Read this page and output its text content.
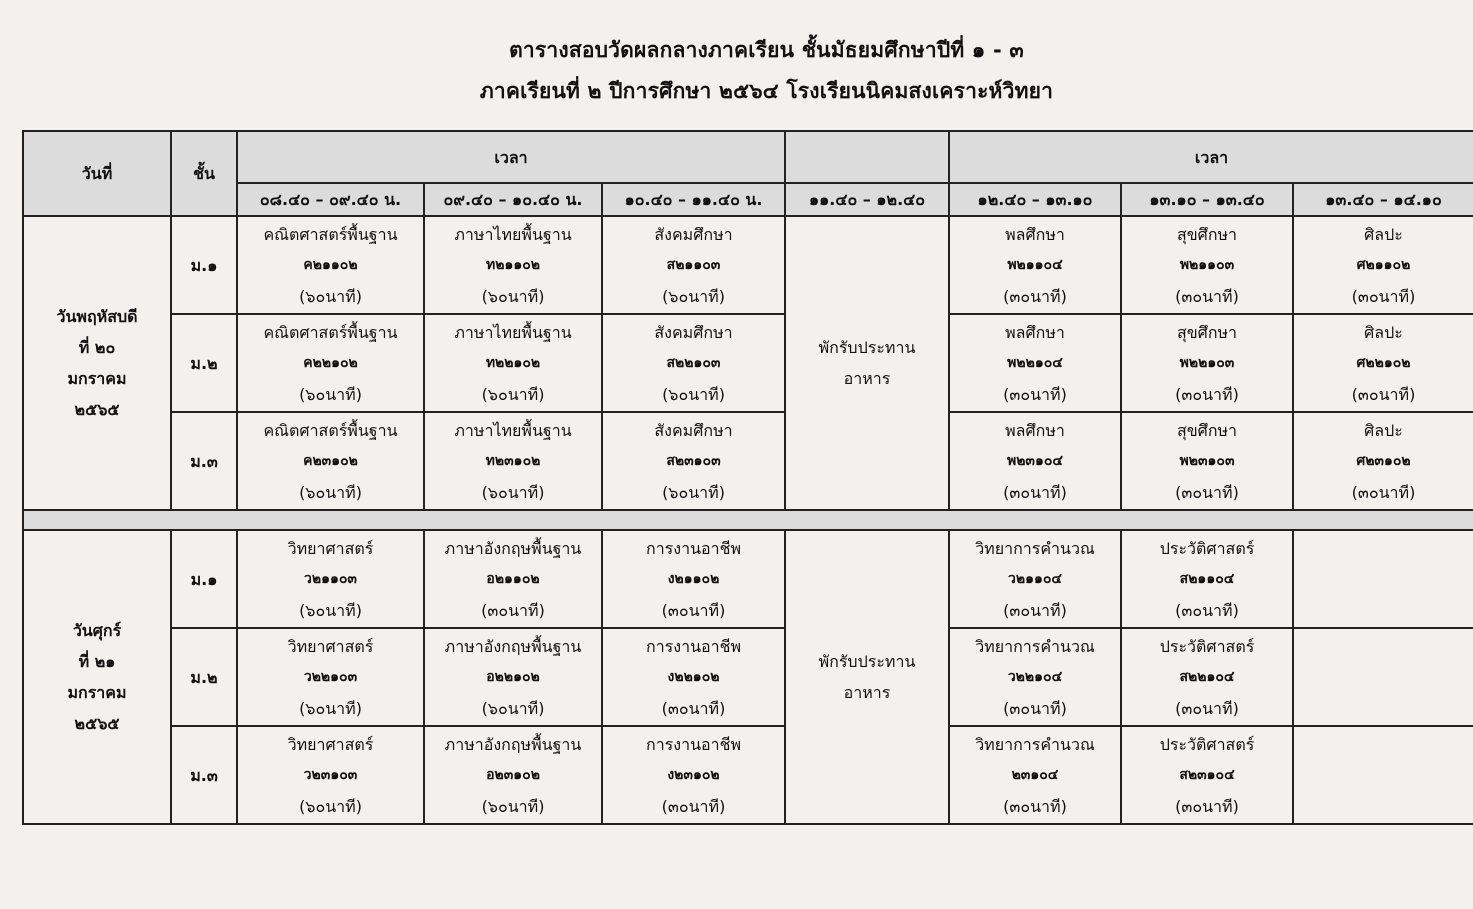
ตารางสอบวัดผลกลางภาคเรียน ชั้นมัธยมศึกษาปีที่ ๑ - ๓
ภาคเรียนที่ ๒ ปีการศึกษา ๒๕๖๔ โรงเรียนนิคมสงเคราะห์วิทยา
วันที่	ชั้น	เวลา				เวลา		
		๐๘.๔๐ – ๐๙.๔๐ น.	๐๙.๔๐ – ๑๐.๔๐ น.	๑๐.๔๐ – ๑๑.๔๐ น.	๑๑.๔๐ – ๑๒.๔๐	๑๒.๔๐ – ๑๓.๑๐	๑๓.๑๐ – ๑๓.๔๐	๑๓.๔๐ – ๑๔.๑๐

วันพฤหัสบดี
ที่ ๒๐
มกราคม
๒๕๖๕	ม.๑	คณิตศาสตร์พื้นฐาน
ค๒๑๑๐๒
(๖๐นาที)	ภาษาไทยพื้นฐาน
ท๒๑๑๐๒
(๖๐นาที)	สังคมศึกษา
ส๒๑๑๐๓
(๖๐นาที)	พักรับประทาน
อาหาร	พลศึกษา
พ๒๑๑๐๔
(๓๐นาที)	สุขศึกษา
พ๒๑๑๐๓
(๓๐นาที)	ศิลปะ
ศ๒๑๑๐๒
(๓๐นาที)

	ม.๒	คณิตศาสตร์พื้นฐาน
ค๒๒๑๐๒
(๖๐นาที)	ภาษาไทยพื้นฐาน
ท๒๒๑๐๒
(๖๐นาที)	สังคมศึกษา
ส๒๒๑๐๓
(๖๐นาที)		พลศึกษา
พ๒๒๑๐๔
(๓๐นาที)	สุขศึกษา
พ๒๒๑๐๓
(๓๐นาที)	ศิลปะ
ศ๒๒๑๐๒
(๓๐นาที)

	ม.๓	คณิตศาสตร์พื้นฐาน
ค๒๓๑๐๒
(๖๐นาที)	ภาษาไทยพื้นฐาน
ท๒๓๑๐๒
(๖๐นาที)	สังคมศึกษา
ส๒๓๑๐๓
(๖๐นาที)		พลศึกษา
พ๒๓๑๐๔
(๓๐นาที)	สุขศึกษา
พ๒๓๑๐๓
(๓๐นาที)	ศิลปะ
ศ๒๓๑๐๒
(๓๐นาที)

วันศุกร์
ที่ ๒๑
มกราคม
๒๕๖๕	ม.๑	วิทยาศาสตร์
ว๒๑๑๐๓
(๖๐นาที)	ภาษาอังกฤษพื้นฐาน
อ๒๑๑๐๒
(๓๐นาที)	การงานอาชีพ
ง๒๑๑๐๒
(๓๐นาที)	พักรับประทาน
อาหาร	วิทยาการคำนวณ
ว๒๑๑๐๔
(๓๐นาที)	ประวัติศาสตร์
ส๒๑๑๐๔
(๓๐นาที)	

	ม.๒	วิทยาศาสตร์
ว๒๒๑๐๓
(๖๐นาที)	ภาษาอังกฤษพื้นฐาน
อ๒๒๑๐๒
(๖๐นาที)	การงานอาชีพ
ง๒๒๑๐๒
(๓๐นาที)		วิทยาการคำนวณ
ว๒๒๑๐๔
(๓๐นาที)	ประวัติศาสตร์
ส๒๒๑๐๔
(๓๐นาที)	

	ม.๓	วิทยาศาสตร์
ว๒๓๑๐๓
(๖๐นาที)	ภาษาอังกฤษพื้นฐาน
อ๒๓๑๐๒
(๖๐นาที)	การงานอาชีพ
ง๒๓๑๐๒
(๓๐นาที)		วิทยาการคำนวณ
๒๓๑๐๔
(๓๐นาที)	ประวัติศาสตร์
ส๒๓๑๐๔
(๓๐นาที)	
